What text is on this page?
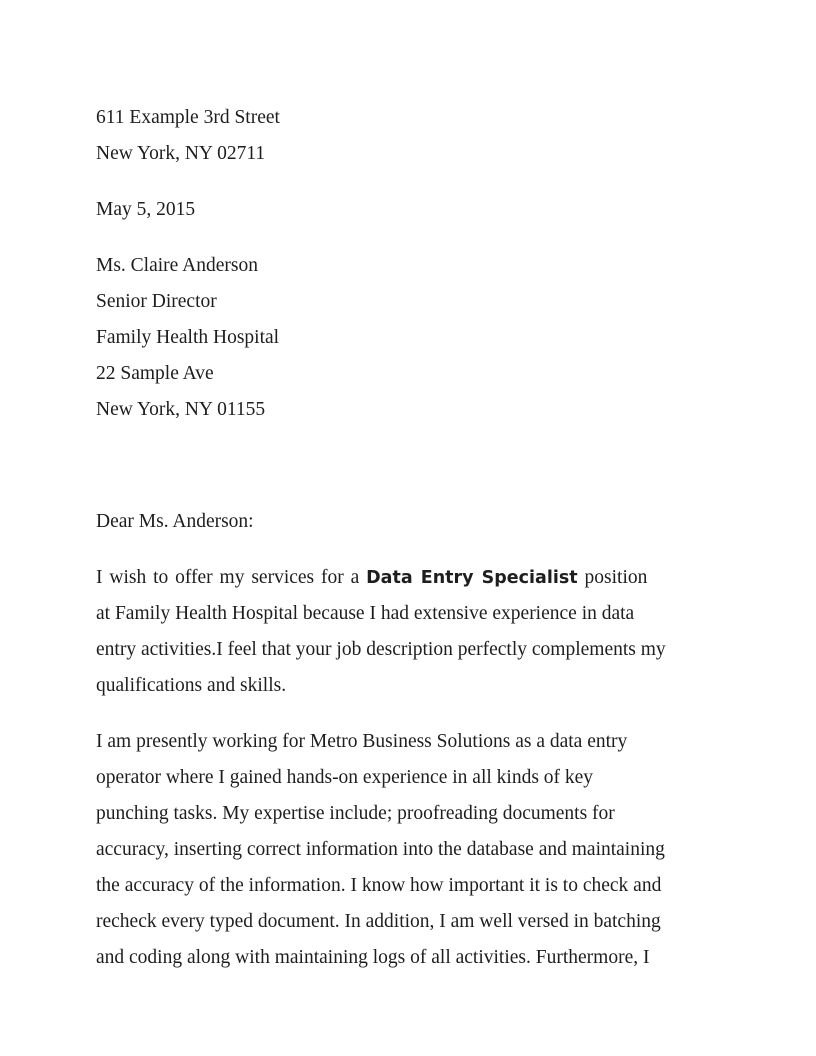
611 Example 3rd Street

New York, NY 02711

May 5, 2015

Ms. Claire Anderson

Senior Director

Family Health Hospital

22 Sample Ave

New York, NY 01155

Dear Ms. Anderson:

I wish to offer my services for a Data Entry Specialist position

at Family Health Hospital because I had extensive experience in data

entry activities.I feel that your job description perfectly complements my

qualifications and skills.

I am presently working for Metro Business Solutions as a data entry

operator where I gained hands-on experience in all kinds of key

punching tasks. My expertise include; proofreading documents for

accuracy, inserting correct information into the database and maintaining

the accuracy of the information. I know how important it is to check and

recheck every typed document. In addition, I am well versed in batching

and coding along with maintaining logs of all activities. Furthermore, I
